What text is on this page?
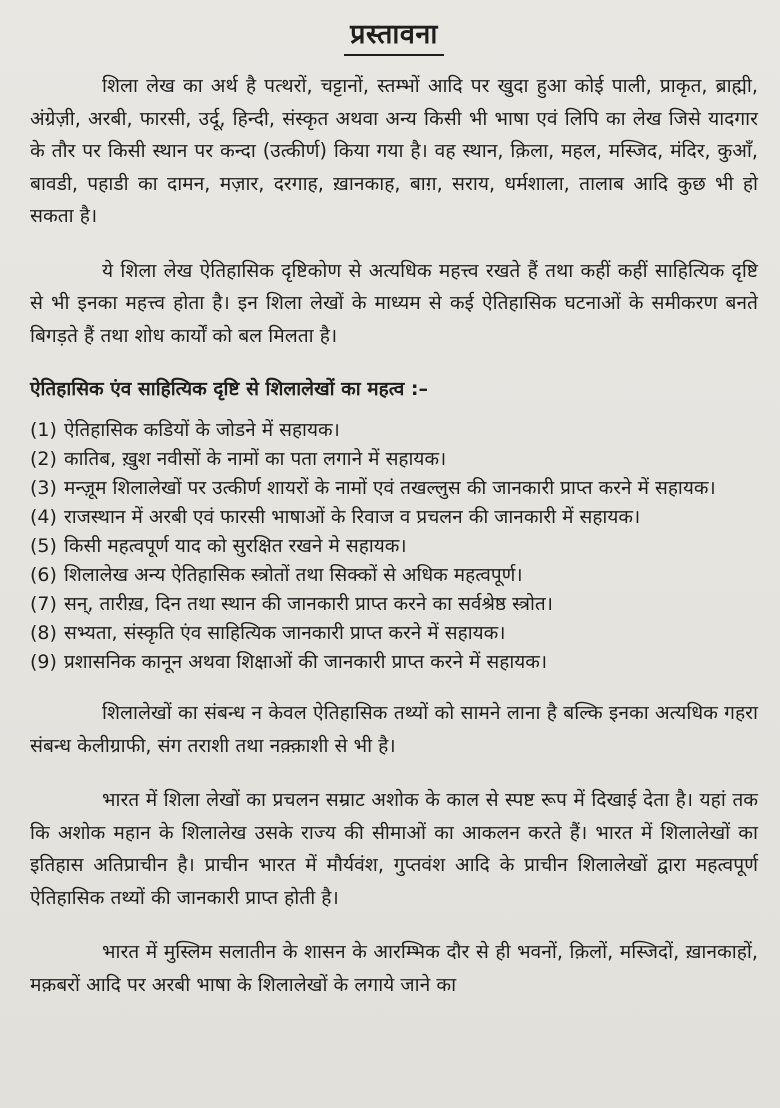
प्रस्तावना

शिला लेख का अर्थ है पत्थरों, चट्टानों, स्तम्भों आदि पर खुदा हुआ कोई पाली, प्राकृत, ब्राह्मी, अंग्रेज़ी, अरबी, फारसी, उर्दू, हिन्दी, संस्कृत अथवा अन्य किसी भी भाषा एवं लिपि का लेख जिसे यादगार के तौर पर किसी स्थान पर कन्दा (उत्कीर्ण) किया गया है। वह स्थान, क़िला, महल, मस्जिद, मंदिर, कुआँ, बावडी, पहाडी का दामन, मज़ार, दरगाह, ख़ानकाह, बाग़, सराय, धर्मशाला, तालाब आदि कुछ भी हो सकता है।

ये शिला लेख ऐतिहासिक दृष्टिकोण से अत्यधिक महत्त्व रखते हैं तथा कहीं कहीं साहित्यिक दृष्टि से भी इनका महत्त्व होता है। इन शिला लेखों के माध्यम से कई ऐतिहासिक घटनाओं के समीकरण बनते बिगड़ते हैं तथा शोध कार्यों को बल मिलता है।

ऐतिहासिक एंव साहित्यिक दृष्टि से शिलालेखों का महत्व :–
(1) ऐतिहासिक कडियों के जोडने में सहायक।
(2) कातिब, ख़ुश नवीसों के नामों का पता लगाने में सहायक।
(3) मन्ज़ूम शिलालेखों पर उत्कीर्ण शायरों के नामों एवं तखल्लुस की जानकारी प्राप्त करने में सहायक।
(4) राजस्थान में अरबी एवं फारसी भाषाओं के रिवाज व प्रचलन की जानकारी में सहायक।
(5) किसी महत्वपूर्ण याद को सुरक्षित रखने मे सहायक।
(6) शिलालेख अन्य ऐतिहासिक स्त्रोतों तथा सिक्कों से अधिक महत्वपूर्ण।
(7) सन्, तारीख़, दिन तथा स्थान की जानकारी प्राप्त करने का सर्वश्रेष्ठ स्त्रोत।
(8) सभ्यता, संस्कृति एंव साहित्यिक जानकारी प्राप्त करने में सहायक।
(9) प्रशासनिक कानून अथवा शिक्षाओं की जानकारी प्राप्त करने में सहायक।

शिलालेखों का संबन्ध न केवल ऐतिहासिक तथ्यों को सामने लाना है बल्कि इनका अत्यधिक गहरा संबन्ध केलीग्राफी, संग तराशी तथा नक़्क़ाशी से भी है।

भारत में शिला लेखों का प्रचलन सम्राट अशोक के काल से स्पष्ट रूप में दिखाई देता है। यहां तक कि अशोक महान के शिलालेख उसके राज्य की सीमाओं का आकलन करते हैं। भारत में शिलालेखों का इतिहास अतिप्राचीन है। प्राचीन भारत में मौर्यवंश, गुप्तवंश आदि के प्राचीन शिलालेखों द्वारा महत्वपूर्ण ऐतिहासिक तथ्यों की जानकारी प्राप्त होती है।

भारत में मुस्लिम सलातीन के शासन के आरम्भिक दौर से ही भवनों, क़िलों, मस्जिदों, ख़ानकाहों, मक़बरों आदि पर अरबी भाषा के शिलालेखों के लगाये जाने का
